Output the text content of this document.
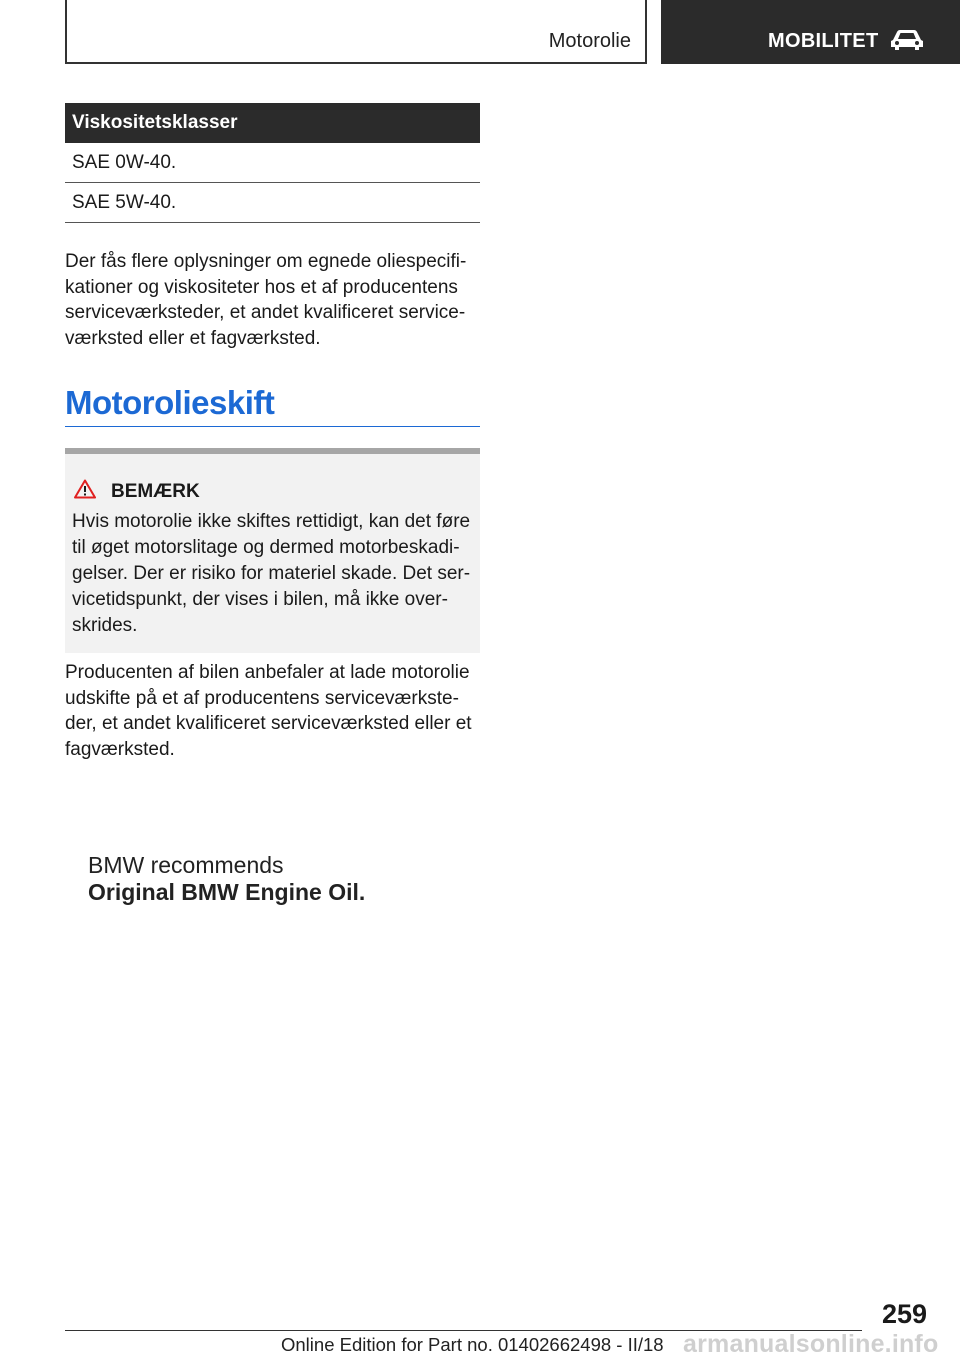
Motorolie	MOBILITET
Viskositetsklasser
SAE 0W-40.
SAE 5W-40.

Der fås flere oplysninger om egnede oliespecifi-kationer og viskositeter hos et af producentens serviceværksteder, et andet kvalificeret service-værksted eller et fagværksted.

Motorolieskift
BEMÆRK

Hvis motorolie ikke skiftes rettidigt, kan det føre til øget motorslitage og dermed motorbeskadi-gelser. Der er risiko for materiel skade. Det ser-vicetidspunkt, der vises i bilen, må ikke over-skrides.

Producenten af bilen anbefaler at lade motorolie udskifte på et af producentens serviceværkste-der, et andet kvalificeret serviceværksted eller et fagværksted.

BMW recommends
Original BMW Engine Oil.
259
Online Edition for Part no. 01402662498 - II/18 armanualsonline.info
